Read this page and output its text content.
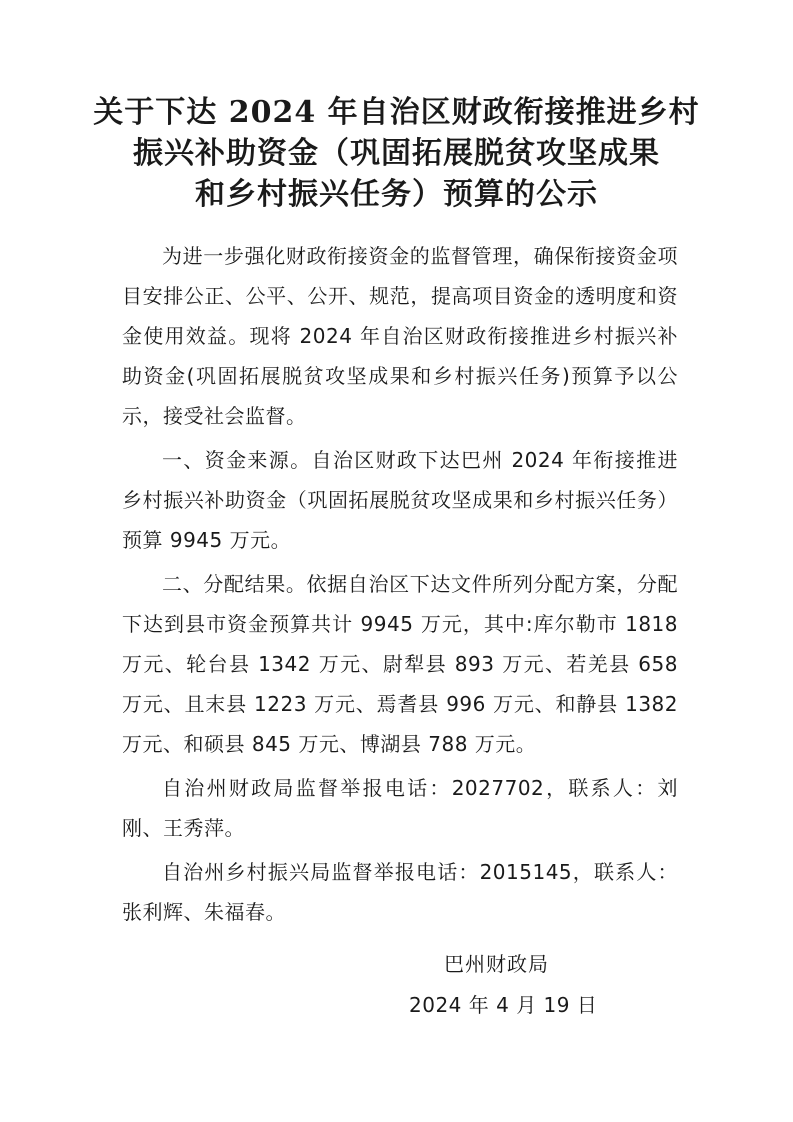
关于下达 2024 年自治区财政衔接推进乡村
振兴补助资金（巩固拓展脱贫攻坚成果
和乡村振兴任务）预算的公示

为进一步强化财政衔接资金的监督管理，确保衔接资金项目安排公正、公平、公开、规范，提高项目资金的透明度和资金使用效益。现将 2024 年自治区财政衔接推进乡村振兴补助资金(巩固拓展脱贫攻坚成果和乡村振兴任务)预算予以公示，接受社会监督。

一、资金来源。自治区财政下达巴州 2024 年衔接推进乡村振兴补助资金（巩固拓展脱贫攻坚成果和乡村振兴任务）预算 9945 万元。

二、分配结果。依据自治区下达文件所列分配方案，分配下达到县市资金预算共计 9945 万元，其中:库尔勒市 1818 万元、轮台县 1342 万元、尉犁县 893 万元、若羌县 658 万元、且末县 1223 万元、焉耆县 996 万元、和静县 1382 万元、和硕县 845 万元、博湖县 788 万元。

自治州财政局监督举报电话：2027702，联系人：刘 刚、王秀萍。

自治州乡村振兴局监督举报电话：2015145，联系人：张利辉、朱福春。

巴州财政局
2024 年 4 月 19 日
